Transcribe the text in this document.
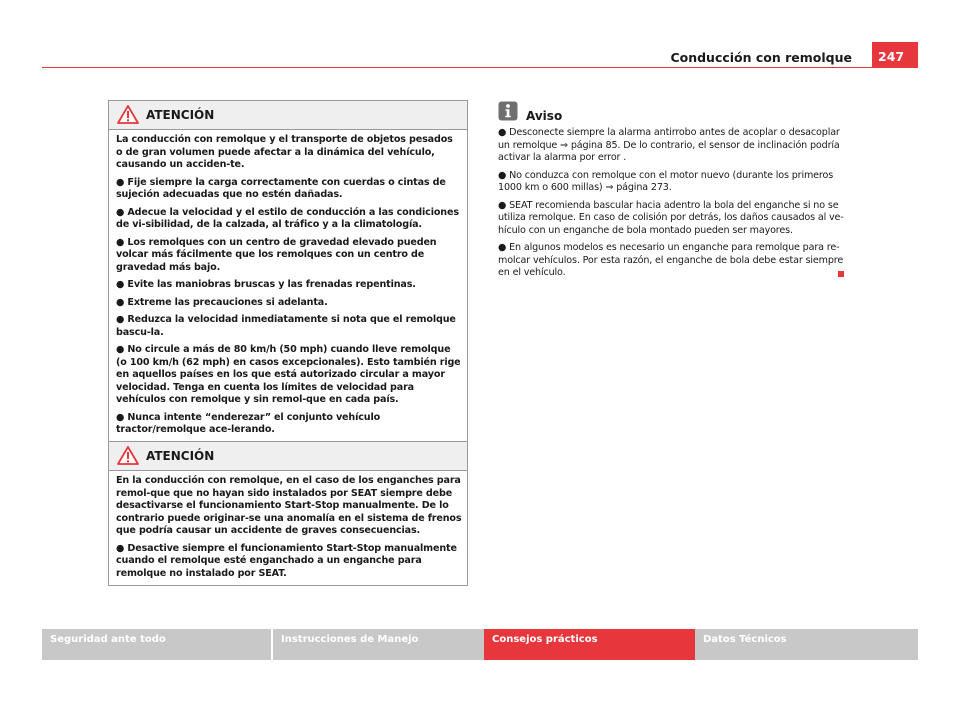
Conducción con remolque	247
ATENCIÓN

La conducción con remolque y el transporte de objetos pesados o de gran volumen puede afectar a la dinámica del vehículo, causando un acciden-te.

● Fije siempre la carga correctamente con cuerdas o cintas de sujeción adecuadas que no estén dañadas.

● Adecue la velocidad y el estilo de conducción a las condiciones de vi-sibilidad, de la calzada, al tráfico y a la climatología.

● Los remolques con un centro de gravedad elevado pueden volcar más fácilmente que los remolques con un centro de gravedad más bajo.

● Evite las maniobras bruscas y las frenadas repentinas.

● Extreme las precauciones si adelanta.

● Reduzca la velocidad inmediatamente si nota que el remolque bascu-la.

● No circule a más de 80 km/h (50 mph) cuando lleve remolque (o 100 km/h (62 mph) en casos excepcionales). Esto también rige en aquellos países en los que está autorizado circular a mayor velocidad. Tenga en cuenta los límites de velocidad para vehículos con remolque y sin remol-que en cada país.

● Nunca intente “enderezar” el conjunto vehículo tractor/remolque ace-lerando.

ATENCIÓN

En la conducción con remolque, en el caso de los enganches para remol-que que no hayan sido instalados por SEAT siempre debe desactivarse el funcionamiento Start-Stop manualmente. De lo contrario puede originar-se una anomalía en el sistema de frenos que podría causar un accidente de graves consecuencias.

● Desactive siempre el funcionamiento Start-Stop manualmente cuando el remolque esté enganchado a un enganche para remolque no instalado por SEAT.

Aviso

● Desconecte siempre la alarma antirrobo antes de acoplar o desacoplar un remolque ⇒ página 85. De lo contrario, el sensor de inclinación podría activar la alarma por error .

● No conduzca con remolque con el motor nuevo (durante los primeros 1000 km o 600 millas) ⇒ página 273.

● SEAT recomienda bascular hacia adentro la bola del enganche si no se utiliza remolque. En caso de colisión por detrás, los daños causados al ve-hículo con un enganche de bola montado pueden ser mayores.

● En algunos modelos es necesario un enganche para remolque para re-molcar vehículos. Por esta razón, el enganche de bola debe estar siempre en el vehículo.

Seguridad ante todo	Instrucciones de Manejo	Consejos prácticos	Datos Técnicos
